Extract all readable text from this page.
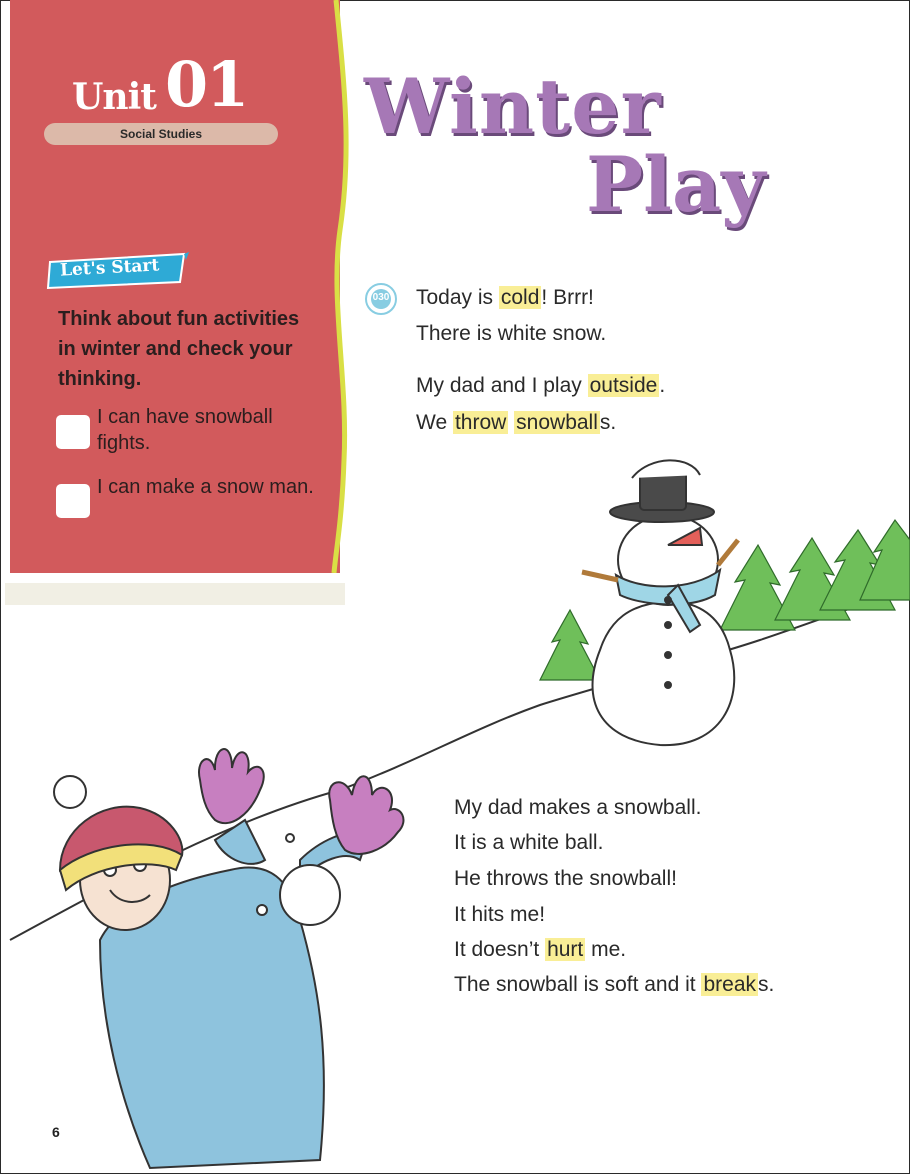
Unit 01
Social Studies
Let's Start
Think about fun activities in winter and check your thinking.
I can have snowball fights.
I can make a snow man.
Winter
Play
030	Today is cold! Brrr!
There is white snow.
My dad and I play outside.
We throw snowballs.
My dad makes a snowball.
It is a white ball.
He throws the snowball!
It hits me!
It doesn’t hurt me.
The snowball is soft and it breaks.
6
